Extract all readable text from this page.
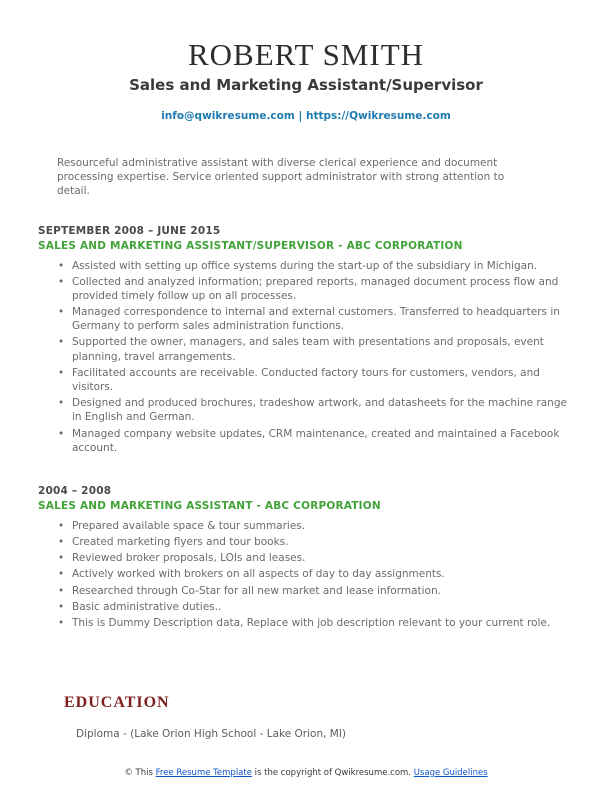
ROBERT SMITH
Sales and Marketing Assistant/Supervisor
info@qwikresume.com | https://Qwikresume.com
Resourceful administrative assistant with diverse clerical experience and document processing expertise. Service oriented support administrator with strong attention to detail.
SEPTEMBER 2008 – JUNE 2015
SALES AND MARKETING ASSISTANT/SUPERVISOR - ABC CORPORATION
• Assisted with setting up office systems during the start-up of the subsidiary in Michigan.
• Collected and analyzed information; prepared reports, managed document process flow and provided timely follow up on all processes.
• Managed correspondence to internal and external customers. Transferred to headquarters in Germany to perform sales administration functions.
• Supported the owner, managers, and sales team with presentations and proposals, event planning, travel arrangements.
• Facilitated accounts are receivable. Conducted factory tours for customers, vendors, and visitors.
• Designed and produced brochures, tradeshow artwork, and datasheets for the machine range in English and German.
• Managed company website updates, CRM maintenance, created and maintained a Facebook account.
2004 – 2008
SALES AND MARKETING ASSISTANT - ABC CORPORATION
• Prepared available space & tour summaries.
• Created marketing flyers and tour books.
• Reviewed broker proposals, LOIs and leases.
• Actively worked with brokers on all aspects of day to day assignments.
• Researched through Co-Star for all new market and lease information.
• Basic administrative duties..
• This is Dummy Description data, Replace with job description relevant to your current role.
EDUCATION
Diploma - (Lake Orion High School - Lake Orion, MI)
© This Free Resume Template is the copyright of Qwikresume.com. Usage Guidelines
